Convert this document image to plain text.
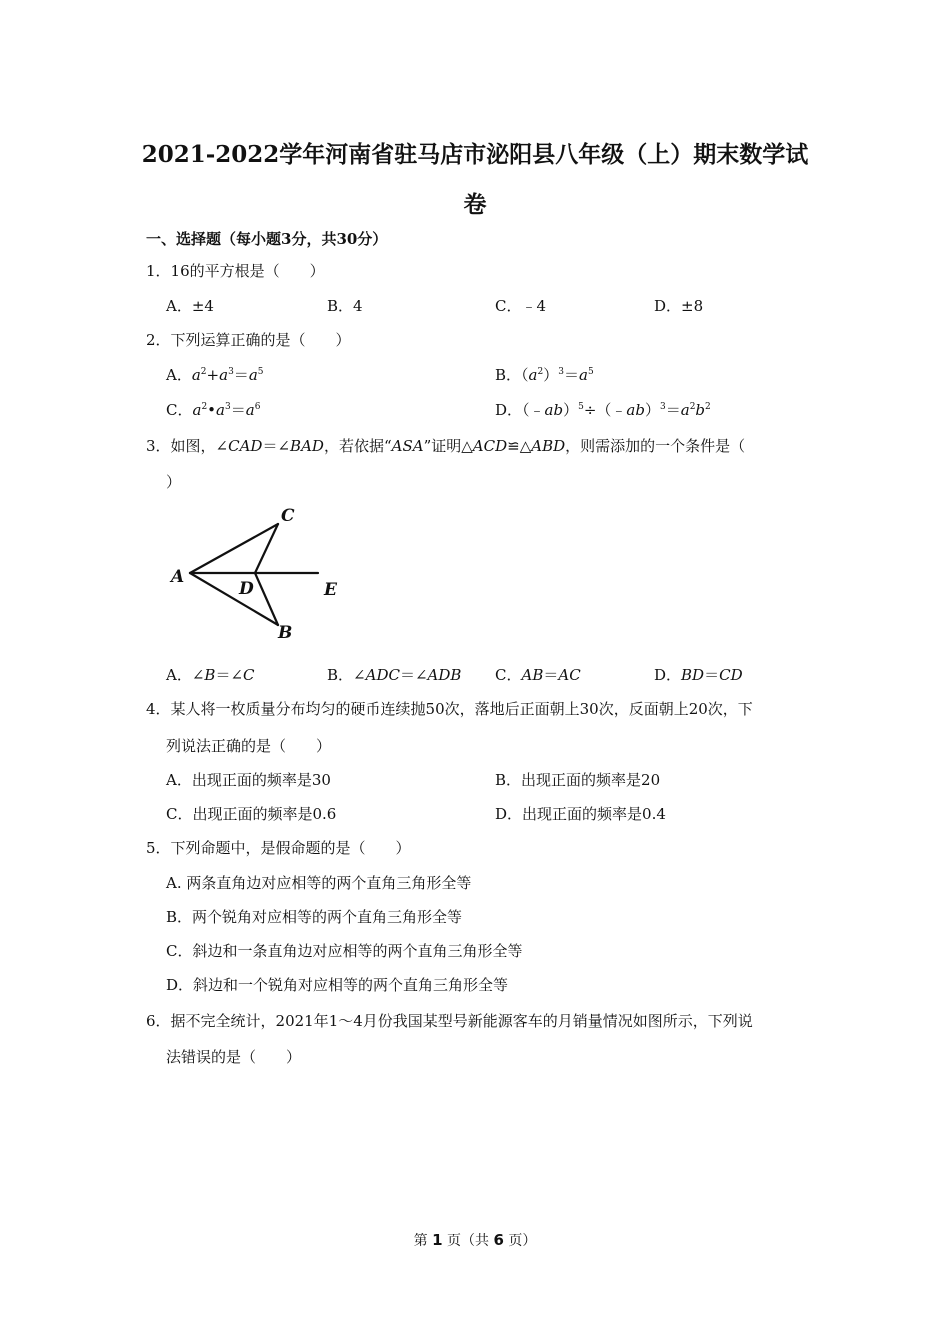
2021-2022学年河南省驻马店市泌阳县八年级（上）期末数学试
卷
一、选择题（每小题3分，共30分）
1．16的平方根是（　　）
A．±4	B．4	C．﹣4	D．±8
2．下列运算正确的是（　　）
A．$a^2+a^3=a^5$	B．$(a^2)^3=a^5$
C．$a^2•a^3=a^6$	D．$(﹣ab)^5\div(﹣ab)^3=a^2b^2$
3．如图，∠CAD＝∠BAD，若依据“ASA”证明△ACD≌△ABD，则需添加的一个条件是（
）
A
C
D	E
B
A．∠B＝∠C	B．∠ADC＝∠ADB C．AB＝AC	D．BD＝CD
4．某人将一枚质量分布均匀的硬币连续抛50次，落地后正面朝上30次，反面朝上20次，下
列说法正确的是（　　）
A．出现正面的频率是30	B．出现正面的频率是20
C．出现正面的频率是0.6	D．出现正面的频率是0.4
5．下列命题中，是假命题的是（　　）
A. 两条直角边对应相等的两个直角三角形全等
B．两个锐角对应相等的两个直角三角形全等
C．斜边和一条直角边对应相等的两个直角三角形全等
D．斜边和一个锐角对应相等的两个直角三角形全等
6．据不完全统计，2021年1～4月份我国某型号新能源客车的月销量情况如图所示，下列说
法错误的是（　　）
第 1 页（共 6 页）
